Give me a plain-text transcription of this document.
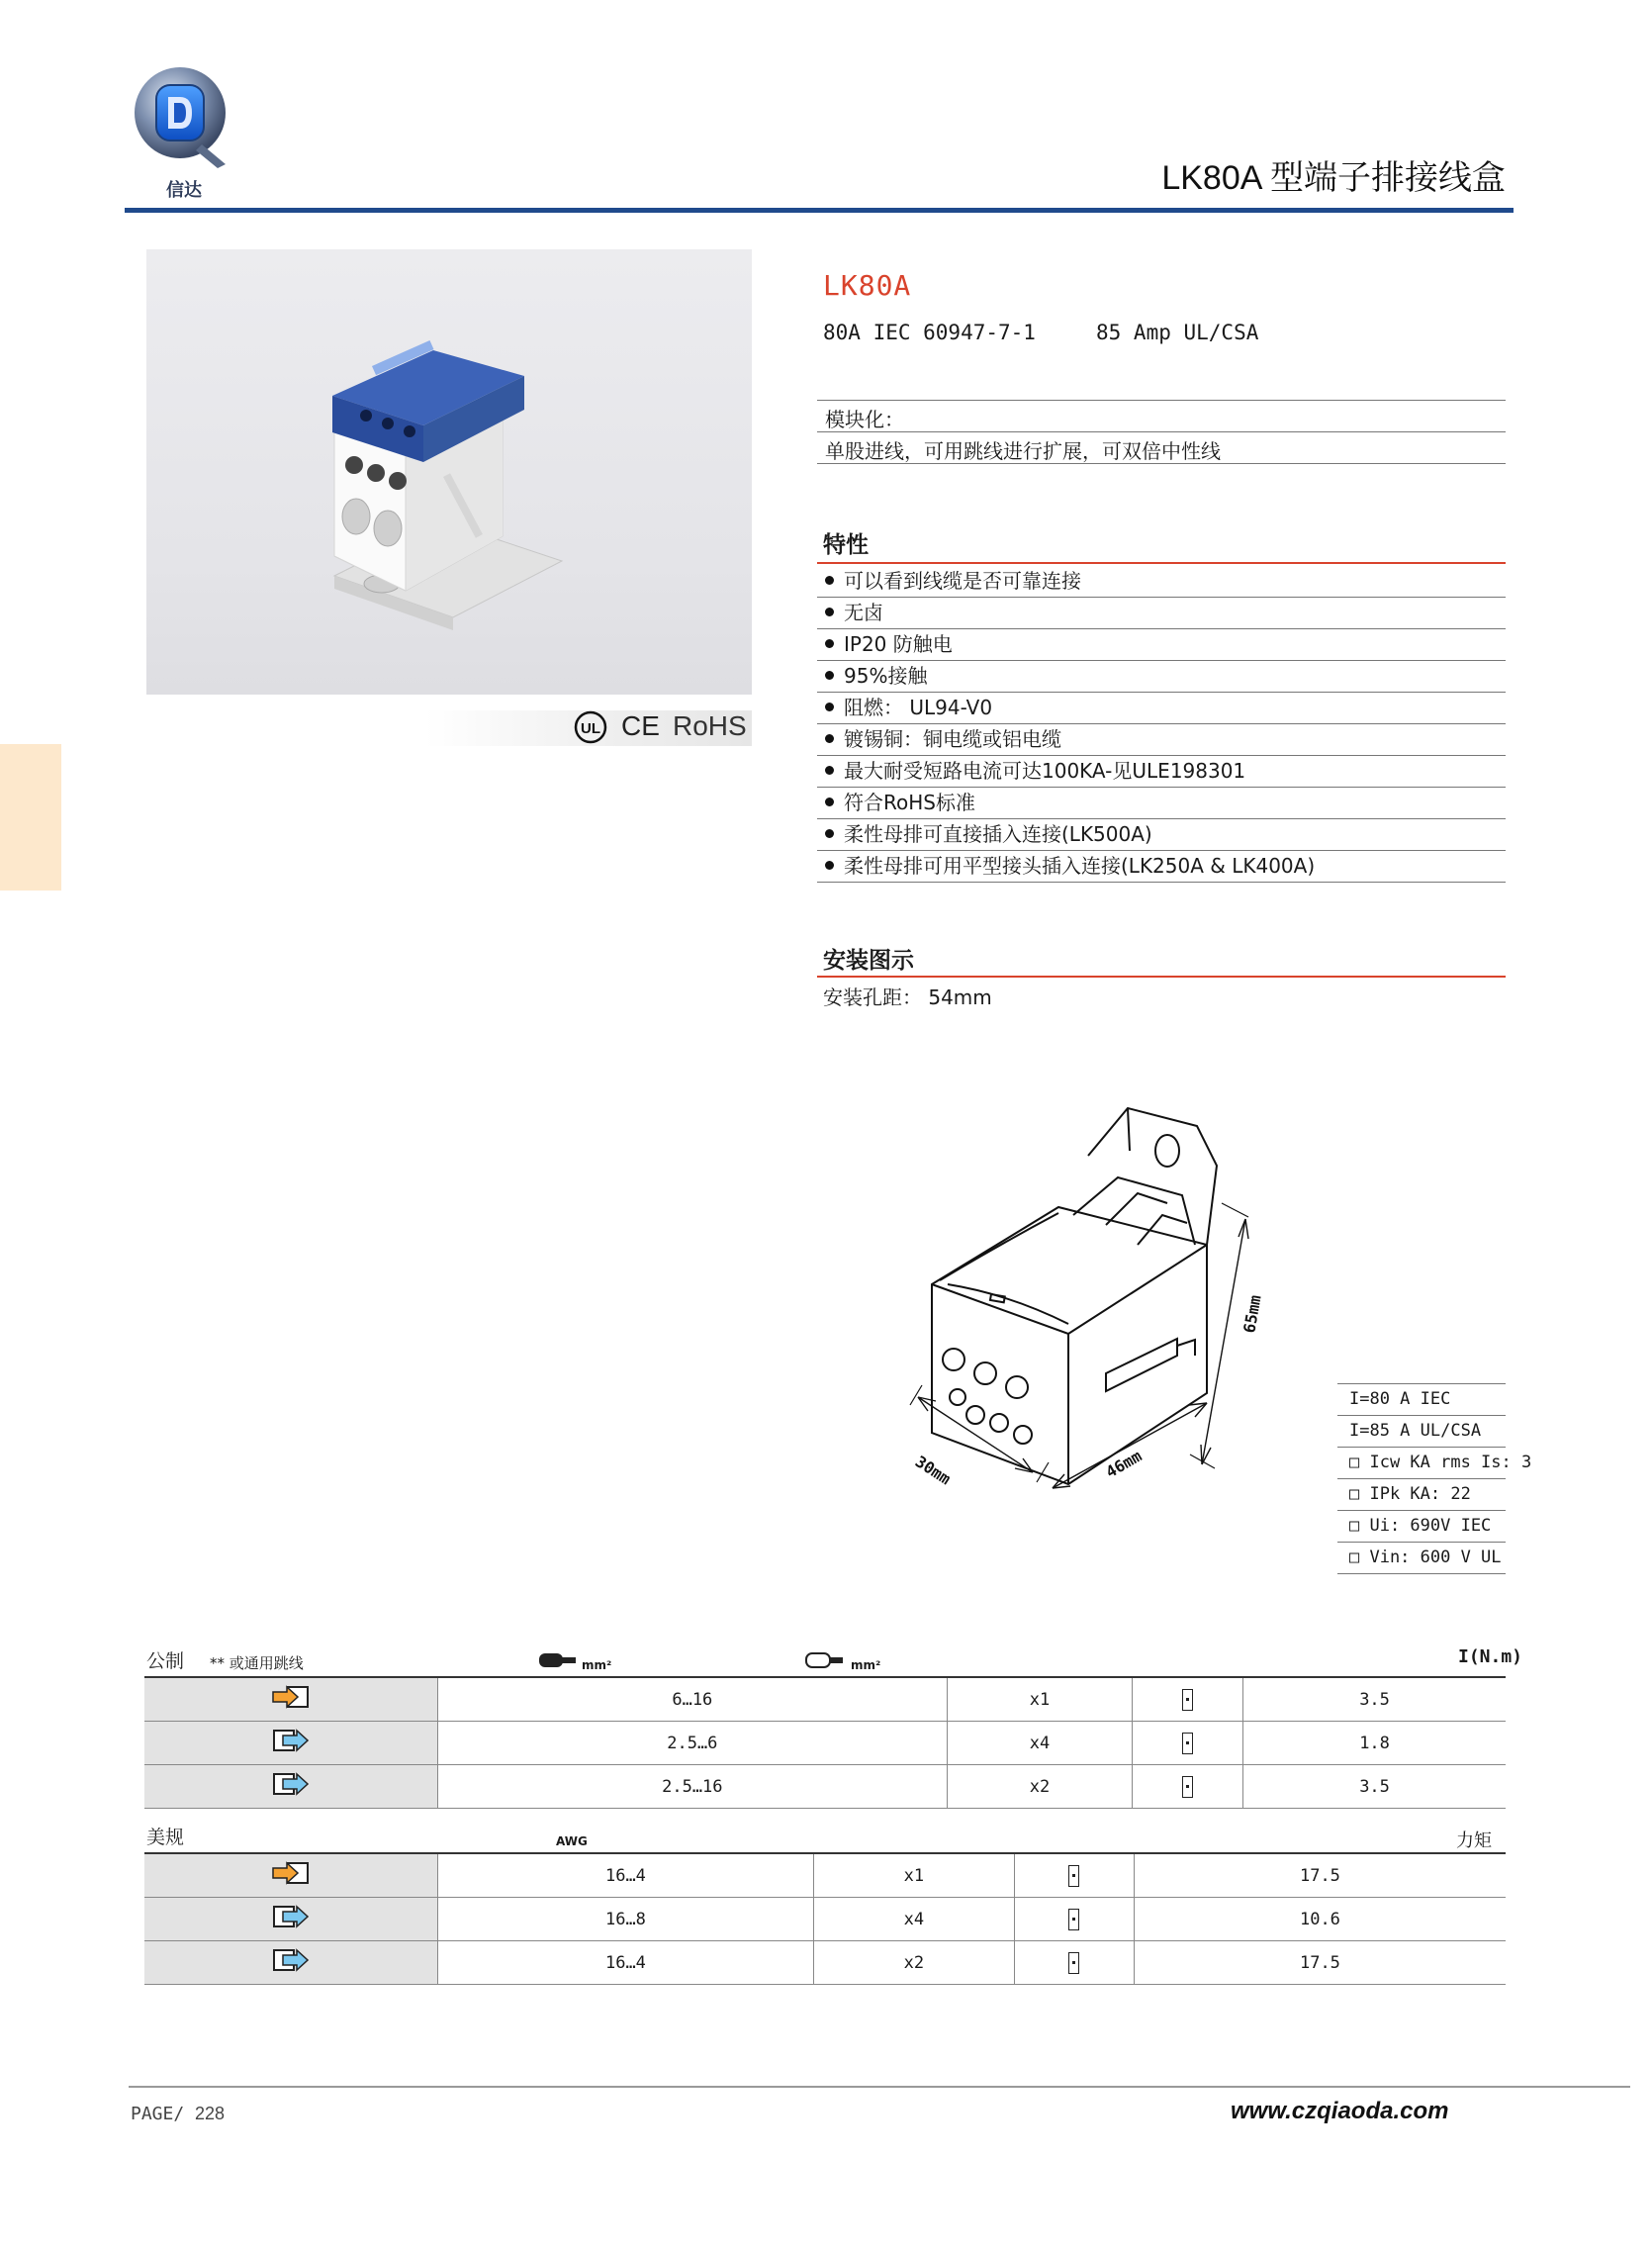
信达	LK80A 型端子排接线盒
UL CE RoHS
LK80A
80A IEC 60947-7-1	85 Amp UL/CSA
模块化：
单股进线，可用跳线进行扩展，可双倍中性线
特性
可以看到线缆是否可靠连接
无卤
IP20 防触电
95%接触
阻燃： UL94-V0
镀锡铜：铜电缆或铝电缆
最大耐受短路电流可达100KA-见ULE198301
符合RoHS标准
柔性母排可直接插入连接(LK500A)
柔性母排可用平型接头插入连接(LK250A & LK400A)
安装图示
安装孔距： 54mm
65mm
30mm	46mm
I=80 A IEC
I=85 A UL/CSA
□ Icw KA rms Is: 3
□ IPk KA: 22
□ Ui: 690V IEC
□ Vin: 600 V UL
公制 ** 或通用跳线	mm²	mm²	I(N.m)
	6…16	x1		3.5
	2.5…6	x4		1.8
	2.5…16	x2		3.5
美规	AWG	力矩
	16…4	x1		17.5
	16…8	x4		10.6
	16…4	x2		17.5
PAGE/ 228	www.czqiaoda.com
